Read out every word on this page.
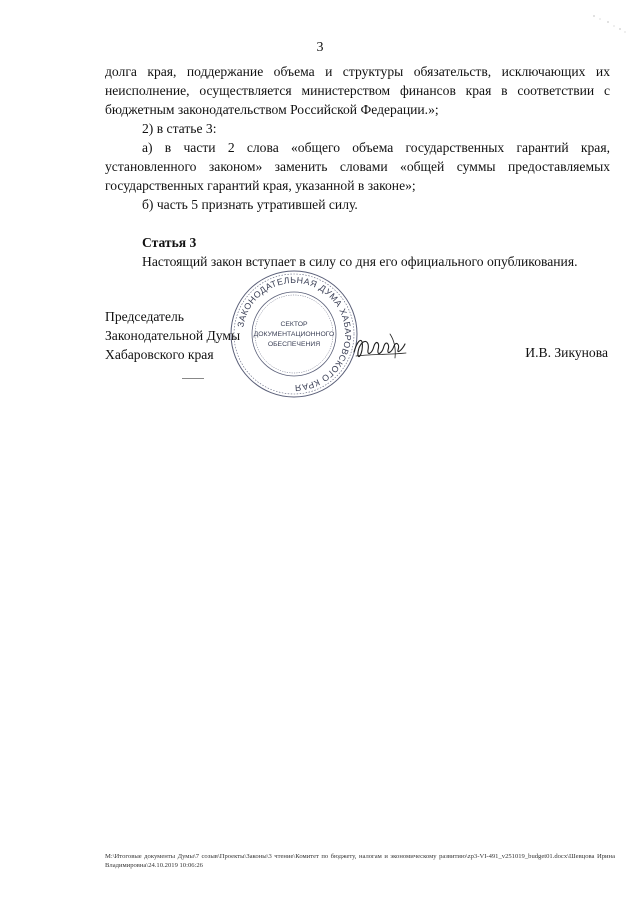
3

долга края, поддержание объема и структуры обязательств, исключающих их неисполнение, осуществляется министерством финансов края в соответствии с бюджетным законодательством Российской Федерации.»;

2) в статье 3:

а) в части 2 слова «общего объема государственных гарантий края, установленного законом» заменить словами «общей суммы предоставляемых государственных гарантий края, указанной в законе»;

б) часть 5 признать утратившей силу.

Статья 3

Настоящий закон вступает в силу со дня его официального опубликования.

Председатель
Законодательной Думы
Хабаровского края	И.В. Зикунова
ЗАКОНОДАТЕЛЬНАЯ ДУМА ХАБАРОВСКОГО КРАЯ
СЕКТОР
ДОКУМЕНТАЦИОННОГО
ОБЕСПЕЧЕНИЯ
M:\Итоговые документы Думы\7 созыв\Проекты\Законы\3 чтение\Комитет по бюджету, налогам и экономическому развитию\zp3-VI-491_v251019_budget01.docx\Шевцова Ирина Владимировна\24.10.2019 10:06:26
